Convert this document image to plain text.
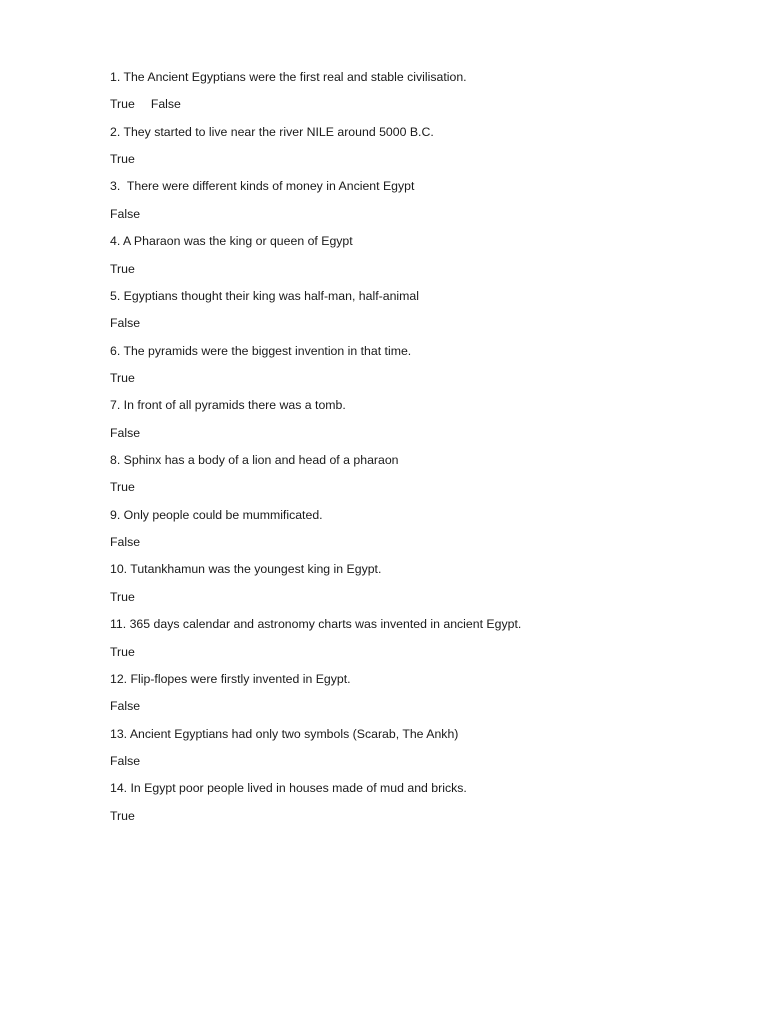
1. The Ancient Egyptians were the first real and stable civilisation.
True False
2. They started to live near the river NILE around 5000 B.C.
True
3.  There were different kinds of money in Ancient Egypt
False
4. A Pharaon was the king or queen of Egypt
True
5. Egyptians thought their king was half-man, half-animal
False
6. The pyramids were the biggest invention in that time.
True
7. In front of all pyramids there was a tomb.
False
8. Sphinx has a body of a lion and head of a pharaon
True
9. Only people could be mummificated.
False
10. Tutankhamun was the youngest king in Egypt.
True
11. 365 days calendar and astronomy charts was invented in ancient Egypt.
True
12. Flip-flopes were firstly invented in Egypt.
False
13. Ancient Egyptians had only two symbols (Scarab, The Ankh)
False
14. In Egypt poor people lived in houses made of mud and bricks.
True
